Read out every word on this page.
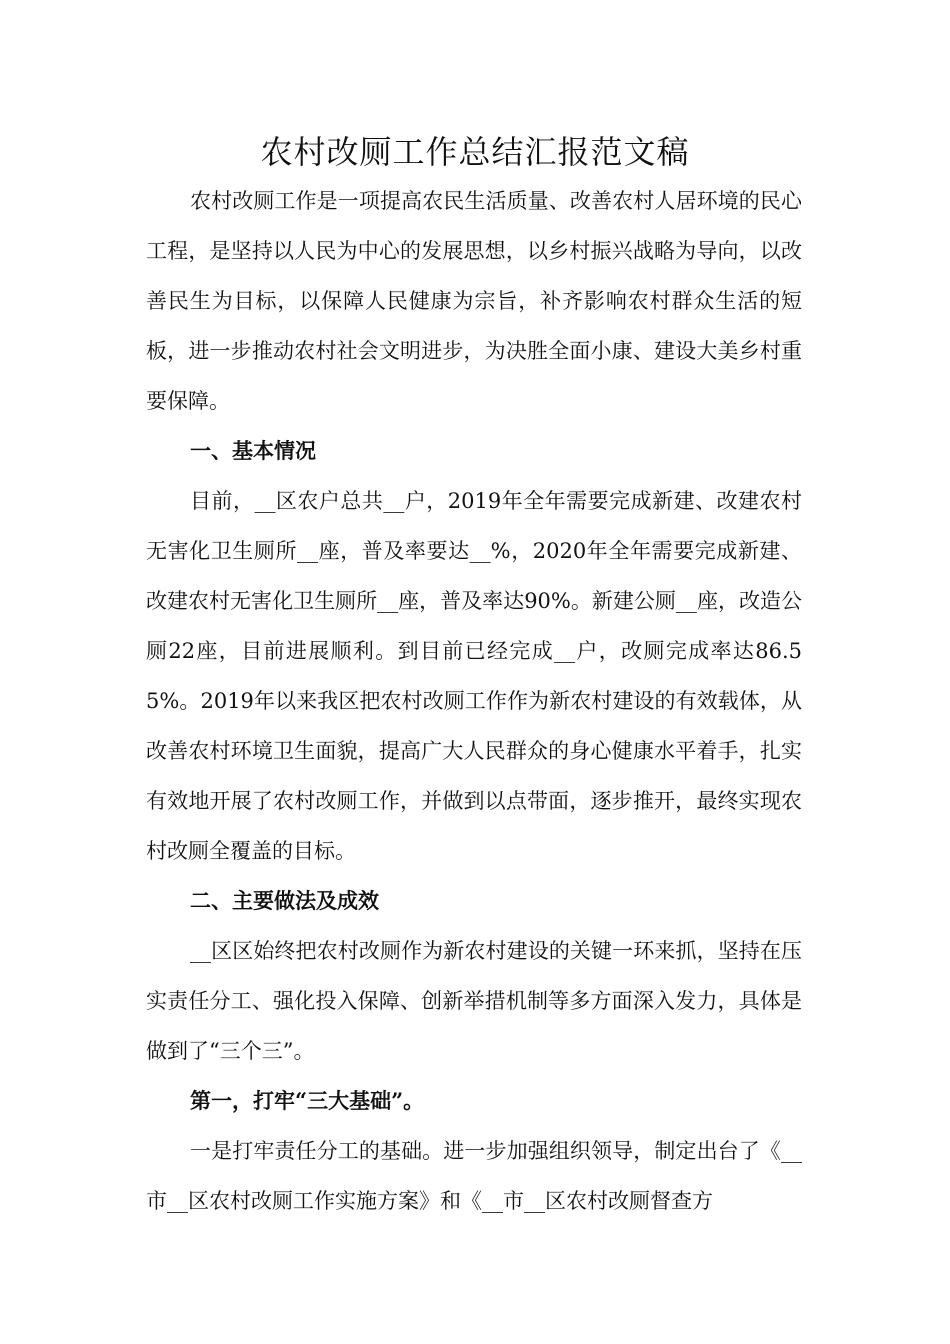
农村改厕工作总结汇报范文稿

农村改厕工作是一项提高农民生活质量、改善农村人居环境的民心工程，是坚持以人民为中心的发展思想，以乡村振兴战略为导向，以改善民生为目标，以保障人民健康为宗旨，补齐影响农村群众生活的短板，进一步推动农村社会文明进步，为决胜全面小康、建设大美乡村重要保障。

一、基本情况

目前，__区农户总共__户，2019年全年需要完成新建、改建农村无害化卫生厕所__座，普及率要达__%，2020年全年需要完成新建、改建农村无害化卫生厕所__座，普及率达90%。新建公厕__座，改造公厕22座，目前进展顺利。到目前已经完成__户，改厕完成率达86.55%。2019年以来我区把农村改厕工作作为新农村建设的有效载体，从改善农村环境卫生面貌，提高广大人民群众的身心健康水平着手，扎实有效地开展了农村改厕工作，并做到以点带面，逐步推开，最终实现农村改厕全覆盖的目标。

二、主要做法及成效

__区区始终把农村改厕作为新农村建设的关键一环来抓，坚持在压实责任分工、强化投入保障、创新举措机制等多方面深入发力，具体是做到了“三个三”。

第一，打牢“三大基础”。

一是打牢责任分工的基础。进一步加强组织领导，制定出台了《__市__区农村改厕工作实施方案》和《__市__区农村改厕督查方
